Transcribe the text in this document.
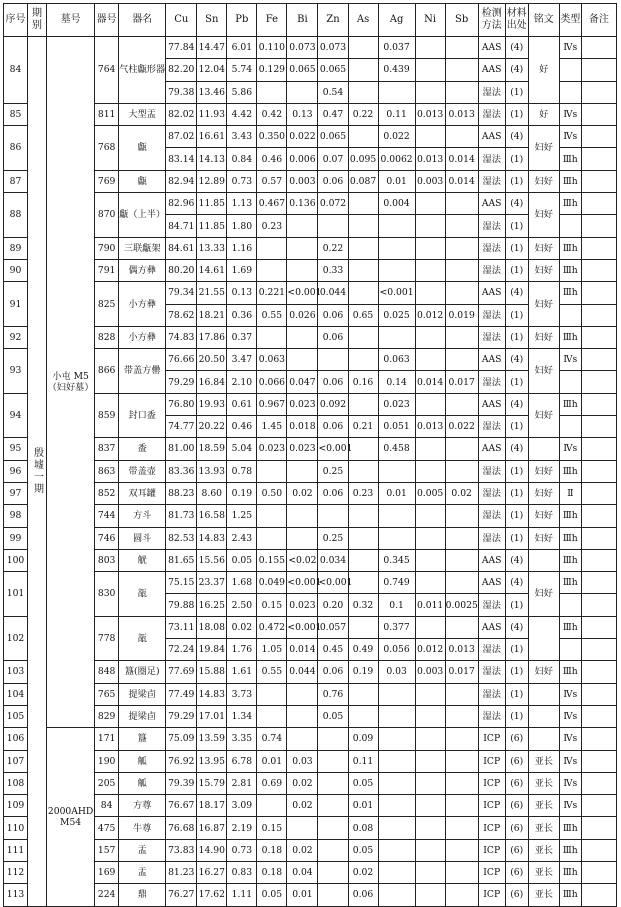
序号	期别	墓号	器号	器名	Cu	Sn	Pb	Fe	Bi	Zn	As	Ag	Ni	Sb	检测方法	材料出处	铭文	类型	备注
84	殷墟一期	小屯 M5（妇好墓）	764	气柱甗形器	77.84	14.47	6.01	0.110	0.073	0.073		0.037			AAS	(4)	好	Ⅳs	
					82.20	12.04	5.74	0.129	0.065	0.065		0.439			AAS	(4)			
					79.38	13.46	5.86			0.54					湿法	(1)			
85			811	大型盂	82.02	11.93	4.42	0.42	0.13	0.47	0.22	0.11	0.013	0.013	湿法	(1)	好	Ⅳs	
86			768	甗	87.02	16.61	3.43	0.350	0.022	0.065		0.022			AAS	(4)	妇好	Ⅳs	
					83.14	14.13	0.84	0.46	0.006	0.07	0.095	0.0062	0.013	0.014	湿法	(1)		Ⅲh	
87			769	甗	82.94	12.89	0.73	0.57	0.003	0.06	0.087	0.01	0.003	0.014	湿法	(1)	妇好	Ⅲh	
88			870	甗（上半）	82.96	11.85	1.13	0.467	0.136	0.072		0.004			AAS	(4)	妇好	Ⅲh	
					84.71	11.85	1.80	0.23							湿法	(1)			
89			790	三联甗架	84.61	13.33	1.16			0.22					湿法	(1)	妇好	Ⅲh	
90			791	偶方彝	80.20	14.61	1.69			0.33					湿法	(1)	妇好	Ⅲh	
91			825	小方彝	79.34	21.55	0.13	0.221	<0.001	0.044		<0.001			AAS	(4)	妇好	Ⅲh	
					78.62	18.21	0.36	0.55	0.026	0.06	0.65	0.025	0.012	0.019	湿法	(1)			
92			828	小方彝	74.83	17.86	0.37			0.06					湿法	(1)	妇好	Ⅲh	
93			866	带盖方罍	76.66	20.50	3.47	0.063				0.063			AAS	(4)	妇好	Ⅳs	
					79.29	16.84	2.10	0.066	0.047	0.06	0.16	0.14	0.014	0.017	湿法	(1)			
94			859	封口盉	76.80	19.93	0.61	0.967	0.023	0.092		0.023			AAS	(4)	妇好	Ⅲh	
					74.77	20.22	0.46	1.45	0.018	0.06	0.21	0.051	0.013	0.022	湿法	(1)			
95			837	盉	81.00	18.59	5.04	0.023	0.023	<0.001		0.458			AAS	(4)		Ⅳs	
96			863	带盖壶	83.36	13.93	0.78			0.25					湿法	(1)	妇好	Ⅲh	
97			852	双耳罐	88.23	8.60	0.19	0.50	0.02	0.06	0.23	0.01	0.005	0.02	湿法	(1)	妇好	Ⅱ	
98			744	方斗	81.73	16.58	1.25								湿法	(1)	妇好	Ⅲh	
99			746	圆斗	82.53	14.83	2.43			0.25					湿法	(1)	妇好	Ⅲh	
100			803	觥	81.65	15.56	0.05	0.155	<0.02	0.034		0.345			AAS	(4)		Ⅲh	
101			830	瓿	75.15	23.37	1.68	0.049	<0.001	<0.001		0.749			AAS	(4)	妇好	Ⅲh	
					79.88	16.25	2.50	0.15	0.023	0.20	0.32	0.1	0.011	0.0025	湿法	(1)			
102			778	瓿	73.11	18.08	0.02	0.472	<0.001	0.057		0.377			AAS	(4)		Ⅲh	
					72.24	19.84	1.76	1.05	0.014	0.45	0.49	0.056	0.012	0.013	湿法	(1)			
103			848	簋(圈足)	77.69	15.88	1.61	0.55	0.044	0.06	0.19	0.03	0.003	0.017	湿法	(1)	妇好	Ⅲh	
104			765	提梁卣	77.49	14.83	3.73			0.76					湿法	(1)		Ⅳs	
105			829	提梁卣	79.29	17.01	1.34			0.05					湿法	(1)		Ⅳs	
106		2000AHD M54	171	簋	75.09	13.59	3.35	0.74			0.09				ICP	(6)		Ⅳs	
107			190	觚	76.92	13.95	6.78	0.01	0.03		0.11				ICP	(6)	亚长	Ⅳs	
108			205	觚	79.39	15.79	2.81	0.69	0.02		0.05				ICP	(6)	亚长	Ⅳs	
109			84	方尊	76.67	18.17	3.09		0.02		0.01				ICP	(6)	亚长	Ⅳs	
110			475	牛尊	76.68	16.87	2.19	0.15			0.08				ICP	(6)	亚长	Ⅲh	
111			157	盂	73.83	14.90	0.73	0.18	0.02		0.05				ICP	(6)	亚长	Ⅲh	
112			169	盂	81.23	16.27	0.83	0.18	0.04		0.02				ICP	(6)	亚长	Ⅲh	
113			224	鼎	76.27	17.62	1.11	0.05	0.01		0.06				ICP	(6)	亚长	Ⅲh	
